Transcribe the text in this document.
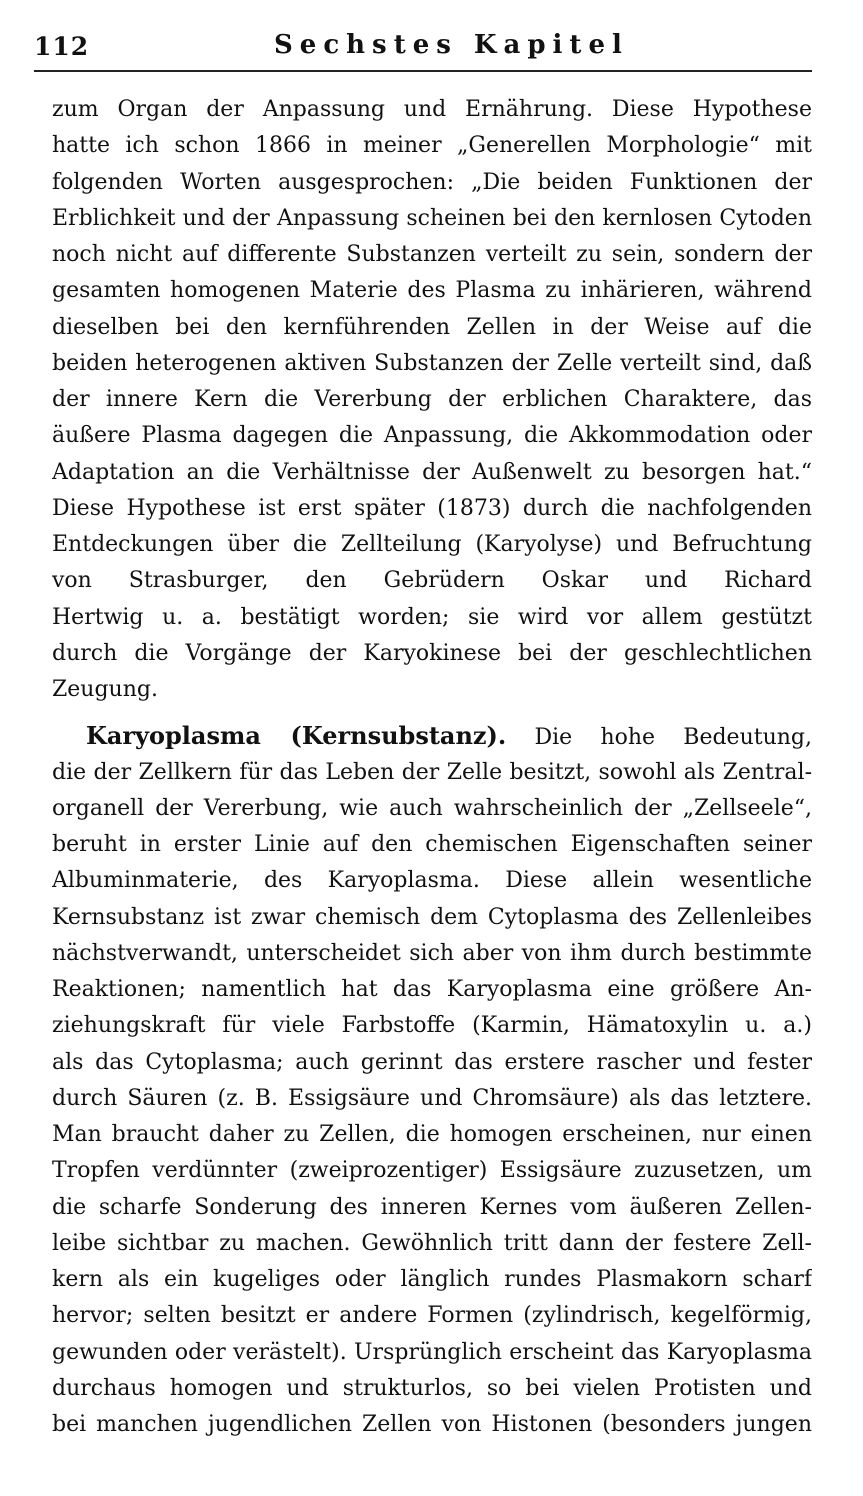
112	Sechstes Kapitel
zum Organ der Anpassung und Ernährung. Diese Hypothese
hatte ich schon 1866 in meiner „Generellen Morphologie“ mit
folgenden Worten ausgesprochen: „Die beiden Funktionen der
Erblichkeit und der Anpassung scheinen bei den kernlosen Cytoden
noch nicht auf differente Substanzen verteilt zu sein, sondern der
gesamten homogenen Materie des Plasma zu inhärieren, während
dieselben bei den kernführenden Zellen in der Weise auf die
beiden heterogenen aktiven Substanzen der Zelle verteilt sind, daß
der innere Kern die Vererbung der erblichen Charaktere, das
äußere Plasma dagegen die Anpassung, die Akkommodation oder
Adaptation an die Verhältnisse der Außenwelt zu besorgen hat.“
Diese Hypothese ist erst später (1873) durch die nachfolgenden
Entdeckungen über die Zellteilung (Karyolyse) und Befruchtung
von Strasburger, den Gebrüdern Oskar und Richard
Hertwig u. a. bestätigt worden; sie wird vor allem gestützt
durch die Vorgänge der Karyokinese bei der geschlechtlichen
Zeugung.
Karyoplasma (Kernsubstanz). Die hohe Bedeutung,
die der Zellkern für das Leben der Zelle besitzt, sowohl als Zentral-
organell der Vererbung, wie auch wahrscheinlich der „Zellseele“,
beruht in erster Linie auf den chemischen Eigenschaften seiner
Albuminmaterie, des Karyoplasma. Diese allein wesentliche
Kernsubstanz ist zwar chemisch dem Cytoplasma des Zellenleibes
nächstverwandt, unterscheidet sich aber von ihm durch bestimmte
Reaktionen; namentlich hat das Karyoplasma eine größere An-
ziehungskraft für viele Farbstoffe (Karmin, Hämatoxylin u. a.)
als das Cytoplasma; auch gerinnt das erstere rascher und fester
durch Säuren (z. B. Essigsäure und Chromsäure) als das letztere.
Man braucht daher zu Zellen, die homogen erscheinen, nur einen
Tropfen verdünnter (zweiprozentiger) Essigsäure zuzusetzen, um
die scharfe Sonderung des inneren Kernes vom äußeren Zellen-
leibe sichtbar zu machen. Gewöhnlich tritt dann der festere Zell-
kern als ein kugeliges oder länglich rundes Plasmakorn scharf
hervor; selten besitzt er andere Formen (zylindrisch, kegelförmig,
gewunden oder verästelt). Ursprünglich erscheint das Karyoplasma
durchaus homogen und strukturlos, so bei vielen Protisten und
bei manchen jugendlichen Zellen von Histonen (besonders jungen
